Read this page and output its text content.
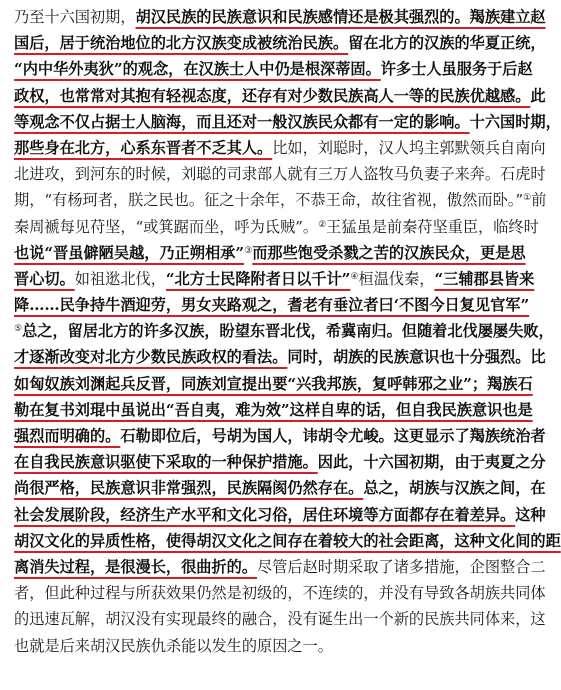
乃至十六国初期，胡汉民族的民族意识和民族感情还是极其强烈的。羯族建立赵
国后，居于统治地位的北方汉族变成被统治民族。留在北方的汉族的华夏正统，
“内中华外夷狄”的观念，在汉族士人中仍是根深蒂固。许多士人虽服务于后赵
政权，也常常对其抱有轻视态度，还存有对少数民族高人一等的民族优越感。此
等观念不仅占据士人脑海，而且还对一般汉族民众都有一定的影响。十六国时期，
那些身在北方，心系东晋者不乏其人。比如，刘聪时，汉人坞主郭默领兵自南向
北进攻，到河东的时候，刘聪的司隶部人就有三万人盗牧马负妻子来奔。石虎时
期，“有杨珂者，朕之民也。征之十余年，不恭王命，故往省视，傲然而卧。”①前
秦周褫每见苻坚，“或箕踞而坐，呼为氐贼”。②王猛虽是前秦苻坚重臣，临终时
也说“晋虽僻陋吴越，乃正朔相承”③而那些饱受杀戮之苦的汉族民众，更是思
晋心切。如祖逖北伐，“北方士民降附者日以千计”④桓温伐秦，“三辅郡县皆来
降……民争持牛酒迎劳，男女夹路观之，耆老有垂泣者曰‘不图今日复见官军”
⑤总之，留居北方的许多汉族，盼望东晋北伐，希冀南归。但随着北伐屡屡失败，
才逐渐改变对北方少数民族政权的看法。同时，胡族的民族意识也十分强烈。比
如匈奴族刘渊起兵反晋，同族刘宣提出要“兴我邦族，复呼韩邪之业”；羯族石
勒在复书刘琨中虽说出“吾自夷，难为效”这样自卑的话，但自我民族意识也是
强烈而明确的。石勒即位后，号胡为国人，讳胡令尤峻。这更显示了羯族统治者
在自我民族意识驱使下采取的一种保护措施。因此，十六国初期，由于夷夏之分
尚很严格，民族意识非常强烈，民族隔阂仍然存在。总之，胡族与汉族之间，在
社会发展阶段，经济生产水平和文化习俗，居住环境等方面都存在着差异。这种
胡汉文化的异质性格，使得胡汉文化之间存在着较大的社会距离，这种文化间的距
离消失过程，是很漫长，很曲折的。尽管后赵时期采取了诸多措施，企图整合二
者，但此种过程与所获效果仍然是初级的，不连续的，并没有导致各胡族共同体
的迅速瓦解，胡汉没有实现最终的融合，没有诞生出一个新的民族共同体来，这
也就是后来胡汉民族仇杀能以发生的原因之一。
